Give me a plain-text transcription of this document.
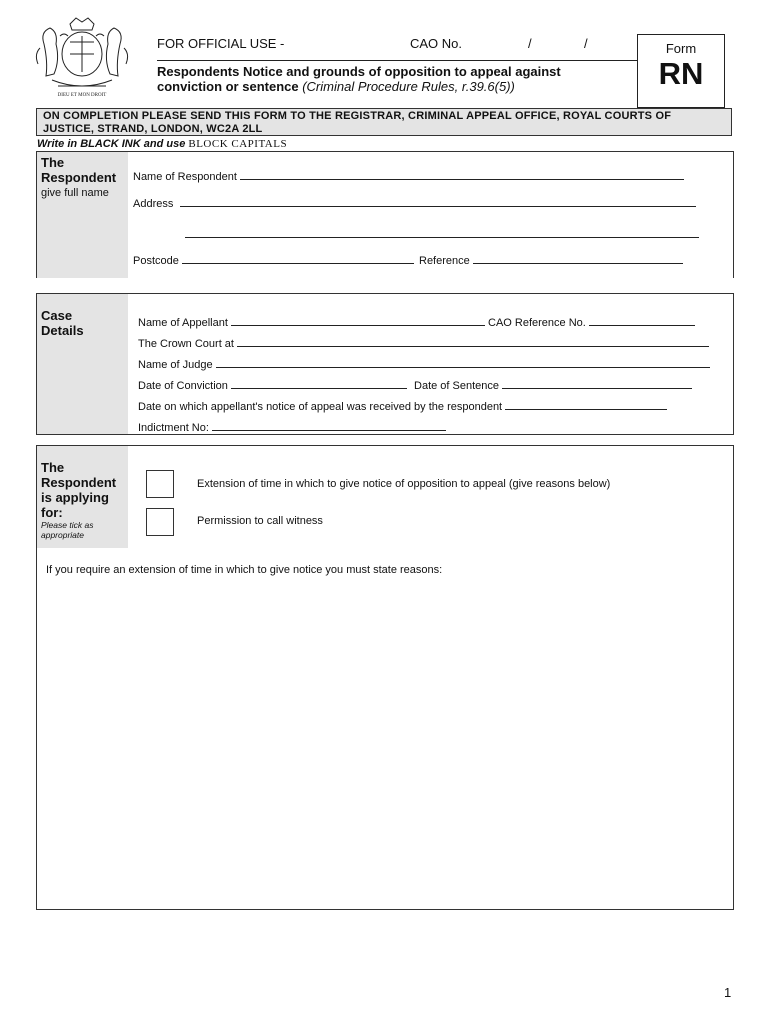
DIEU ET MON DROIT
FOR OFFICIAL USE -	CAO No.	/	/
Respondents Notice and grounds of opposition to appeal against conviction or sentence (Criminal Procedure Rules, r.39.6(5))
Form
RN
ON COMPLETION PLEASE SEND THIS FORM TO THE REGISTRAR, CRIMINAL APPEAL OFFICE, ROYAL COURTS OF JUSTICE, STRAND, LONDON, WC2A 2LL
Write in BLACK INK and use BLOCK CAPITALS
The Respondent
give full name
Name of Respondent
Address
Postcode	Reference
Case Details	Name of Appellant	CAO Reference No.
The Crown Court at
Name of Judge
Date of Conviction	Date of Sentence
Date on which appellant's notice of appeal was received by the respondent
Indictment No:
The Respondent is applying for:
Please tick as appropriate
Extension of time in which to give notice of opposition to appeal (give reasons below)
Permission to call witness
If you require an extension of time in which to give notice you must state reasons:
1
